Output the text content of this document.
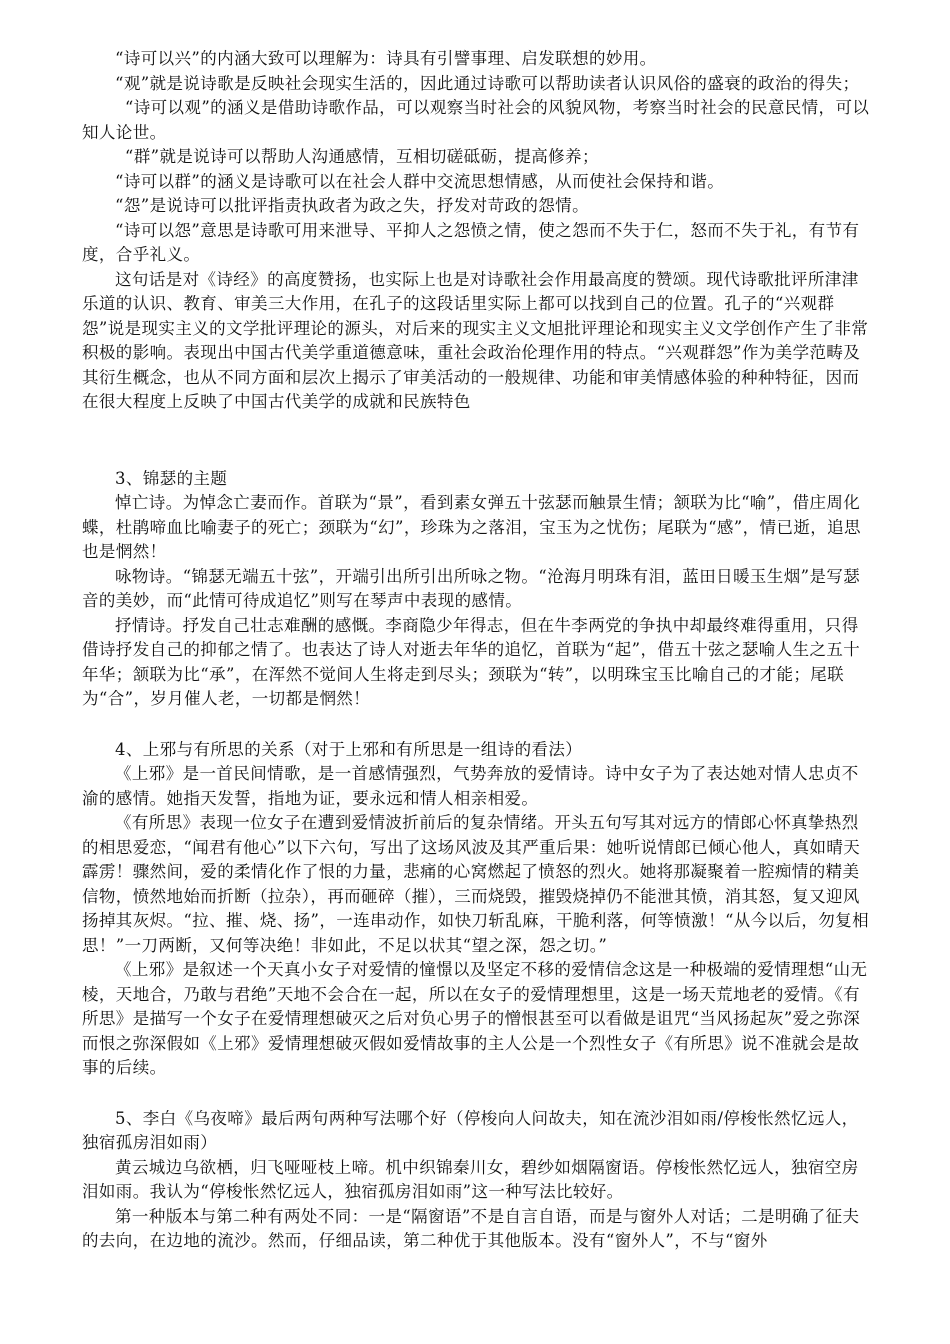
“诗可以兴”的内涵大致可以理解为：诗具有引譬事理、启发联想的妙用。

“观”就是说诗歌是反映社会现实生活的，因此通过诗歌可以帮助读者认识风俗的盛衰的政治的得失；

“诗可以观”的涵义是借助诗歌作品，可以观察当时社会的风貌风物，考察当时社会的民意民情，可以知人论世。

“群”就是说诗可以帮助人沟通感情，互相切磋砥砺，提高修养；

“诗可以群”的涵义是诗歌可以在社会人群中交流思想情感，从而使社会保持和谐。

“怨”是说诗可以批评指责执政者为政之失，抒发对苛政的怨情。

“诗可以怨”意思是诗歌可用来泄导、平抑人之怨愤之情，使之怨而不失于仁，怒而不失于礼，有节有度，合乎礼义。

这句话是对《诗经》的高度赞扬，也实际上也是对诗歌社会作用最高度的赞颂。现代诗歌批评所津津乐道的认识、教育、审美三大作用，在孔子的这段话里实际上都可以找到自己的位置。孔子的“兴观群怨”说是现实主义的文学批评理论的源头，对后来的现实主义文旭批评理论和现实主义文学创作产生了非常积极的影响。表现出中国古代美学重道德意味，重社会政治伦理作用的特点。“兴观群怨”作为美学范畴及其衍生概念，也从不同方面和层次上揭示了审美活动的一般规律、功能和审美情感体验的种种特征，因而在很大程度上反映了中国古代美学的成就和民族特色

3、锦瑟的主题

悼亡诗。为悼念亡妻而作。首联为“景”，看到素女弹五十弦瑟而触景生情；颔联为比“喻”，借庄周化蝶，杜鹃啼血比喻妻子的死亡；颈联为“幻”，珍珠为之落泪，宝玉为之忧伤；尾联为“感”，情已逝，追思也是惘然！

咏物诗。“锦瑟无端五十弦”，开端引出所引出所咏之物。“沧海月明珠有泪，蓝田日暖玉生烟”是写瑟音的美妙，而“此情可待成追忆”则写在琴声中表现的感情。

抒情诗。抒发自己壮志难酬的感慨。李商隐少年得志，但在牛李两党的争执中却最终难得重用，只得借诗抒发自己的抑郁之情了。也表达了诗人对逝去年华的追忆，首联为“起”，借五十弦之瑟喻人生之五十年华；颔联为比“承”，在浑然不觉间人生将走到尽头；颈联为“转”，以明珠宝玉比喻自己的才能；尾联为“合”，岁月催人老，一切都是惘然！

4、上邪与有所思的关系（对于上邪和有所思是一组诗的看法）

《上邪》是一首民间情歌，是一首感情强烈，气势奔放的爱情诗。诗中女子为了表达她对情人忠贞不渝的感情。她指天发誓，指地为证，要永远和情人相亲相爱。

《有所思》表现一位女子在遭到爱情波折前后的复杂情绪。开头五句写其对远方的情郎心怀真挚热烈的相思爱恋，“闻君有他心”以下六句，写出了这场风波及其严重后果：她听说情郎已倾心他人，真如晴天霹雳！骤然间，爱的柔情化作了恨的力量，悲痛的心窝燃起了愤怒的烈火。她将那凝聚着一腔痴情的精美信物，愤然地始而折断（拉杂），再而砸碎（摧），三而烧毁，摧毁烧掉仍不能泄其愤，消其怒，复又迎风扬掉其灰烬。“拉、摧、烧、扬”，一连串动作，如快刀斩乱麻，干脆利落，何等愤激！“从今以后，勿复相思！”一刀两断，又何等决绝！非如此，不足以状其“望之深，怨之切。”

《上邪》是叙述一个天真小女子对爱情的憧憬以及坚定不移的爱情信念这是一种极端的爱情理想“山无棱，天地合，乃敢与君绝”天地不会合在一起，所以在女子的爱情理想里，这是一场天荒地老的爱情。《有所思》是描写一个女子在爱情理想破灭之后对负心男子的憎恨甚至可以看做是诅咒“当风扬起灰”爱之弥深而恨之弥深假如《上邪》爱情理想破灭假如爱情故事的主人公是一个烈性女子《有所思》说不准就会是故事的后续。

5、李白《乌夜啼》最后两句两种写法哪个好（停梭向人问故夫，知在流沙泪如雨/停梭怅然忆远人，独宿孤房泪如雨）

黄云城边乌欲栖，归飞哑哑枝上啼。机中织锦秦川女，碧纱如烟隔窗语。停梭怅然忆远人，独宿空房泪如雨。我认为“停梭怅然忆远人，独宿孤房泪如雨”这一种写法比较好。

第一种版本与第二种有两处不同：一是“隔窗语”不是自言自语，而是与窗外人对话；二是明确了征夫的去向，在边地的流沙。然而，仔细品读，第二种优于其他版本。没有“窗外人”，不与“窗外
